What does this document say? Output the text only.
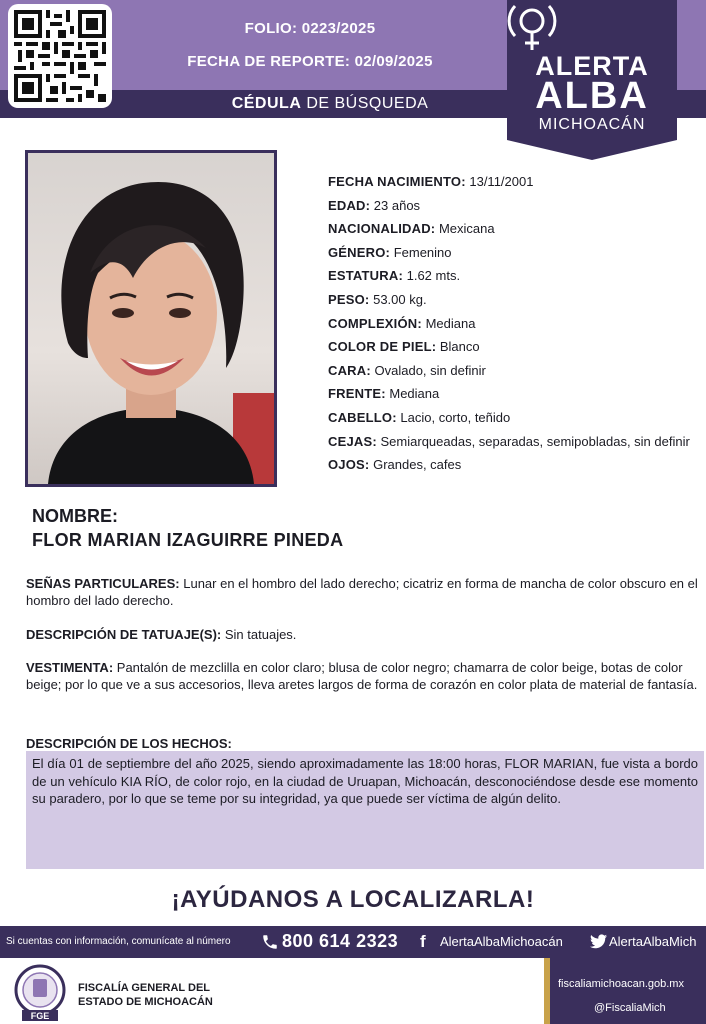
FOLIO: 0223/2025
FECHA DE REPORTE: 02/09/2025
CÉDULA DE BÚSQUEDA
ALERTA
ALBA
MICHOACÁN
FECHA NACIMIENTO: 13/11/2001
EDAD: 23 años
NACIONALIDAD: Mexicana
GÉNERO: Femenino
ESTATURA: 1.62 mts.
PESO: 53.00 kg.
COMPLEXIÓN: Mediana
COLOR DE PIEL: Blanco
CARA: Ovalado, sin definir
FRENTE: Mediana
CABELLO: Lacio, corto, teñido
CEJAS: Semiarqueadas, separadas, semipobladas, sin definir
OJOS: Grandes, cafes
NOMBRE:
FLOR MARIAN IZAGUIRRE PINEDA
SEÑAS PARTICULARES: Lunar en el hombro del lado derecho; cicatriz en forma de mancha de color obscuro en el hombro del lado derecho.
DESCRIPCIÓN DE TATUAJE(S): Sin tatuajes.
VESTIMENTA: Pantalón de mezclilla en color claro; blusa de color negro; chamarra de color beige, botas de color beige; por lo que ve a sus accesorios, lleva aretes largos de forma de corazón en color plata de material de fantasía.
DESCRIPCIÓN DE LOS HECHOS:
El día 01 de septiembre del año 2025, siendo aproximadamente las 18:00 horas, FLOR MARIAN, fue vista a bordo de un vehículo KIA RÍO, de color rojo, en la ciudad de Uruapan, Michoacán, desconociéndose desde ese momento su paradero, por lo que se teme por su integridad, ya que puede ser víctima de algún delito.
¡AYÚDANOS A LOCALIZARLA!
Si cuentas con información, comunícate al número	800 614 2323 f AlertaAlbaMichoacán	AlertaAlbaMich
FGE
FISCALÍA GENERAL DEL
ESTADO DE MICHOACÁN
fiscaliamichoacan.gob.mx
@FiscaliaMich
